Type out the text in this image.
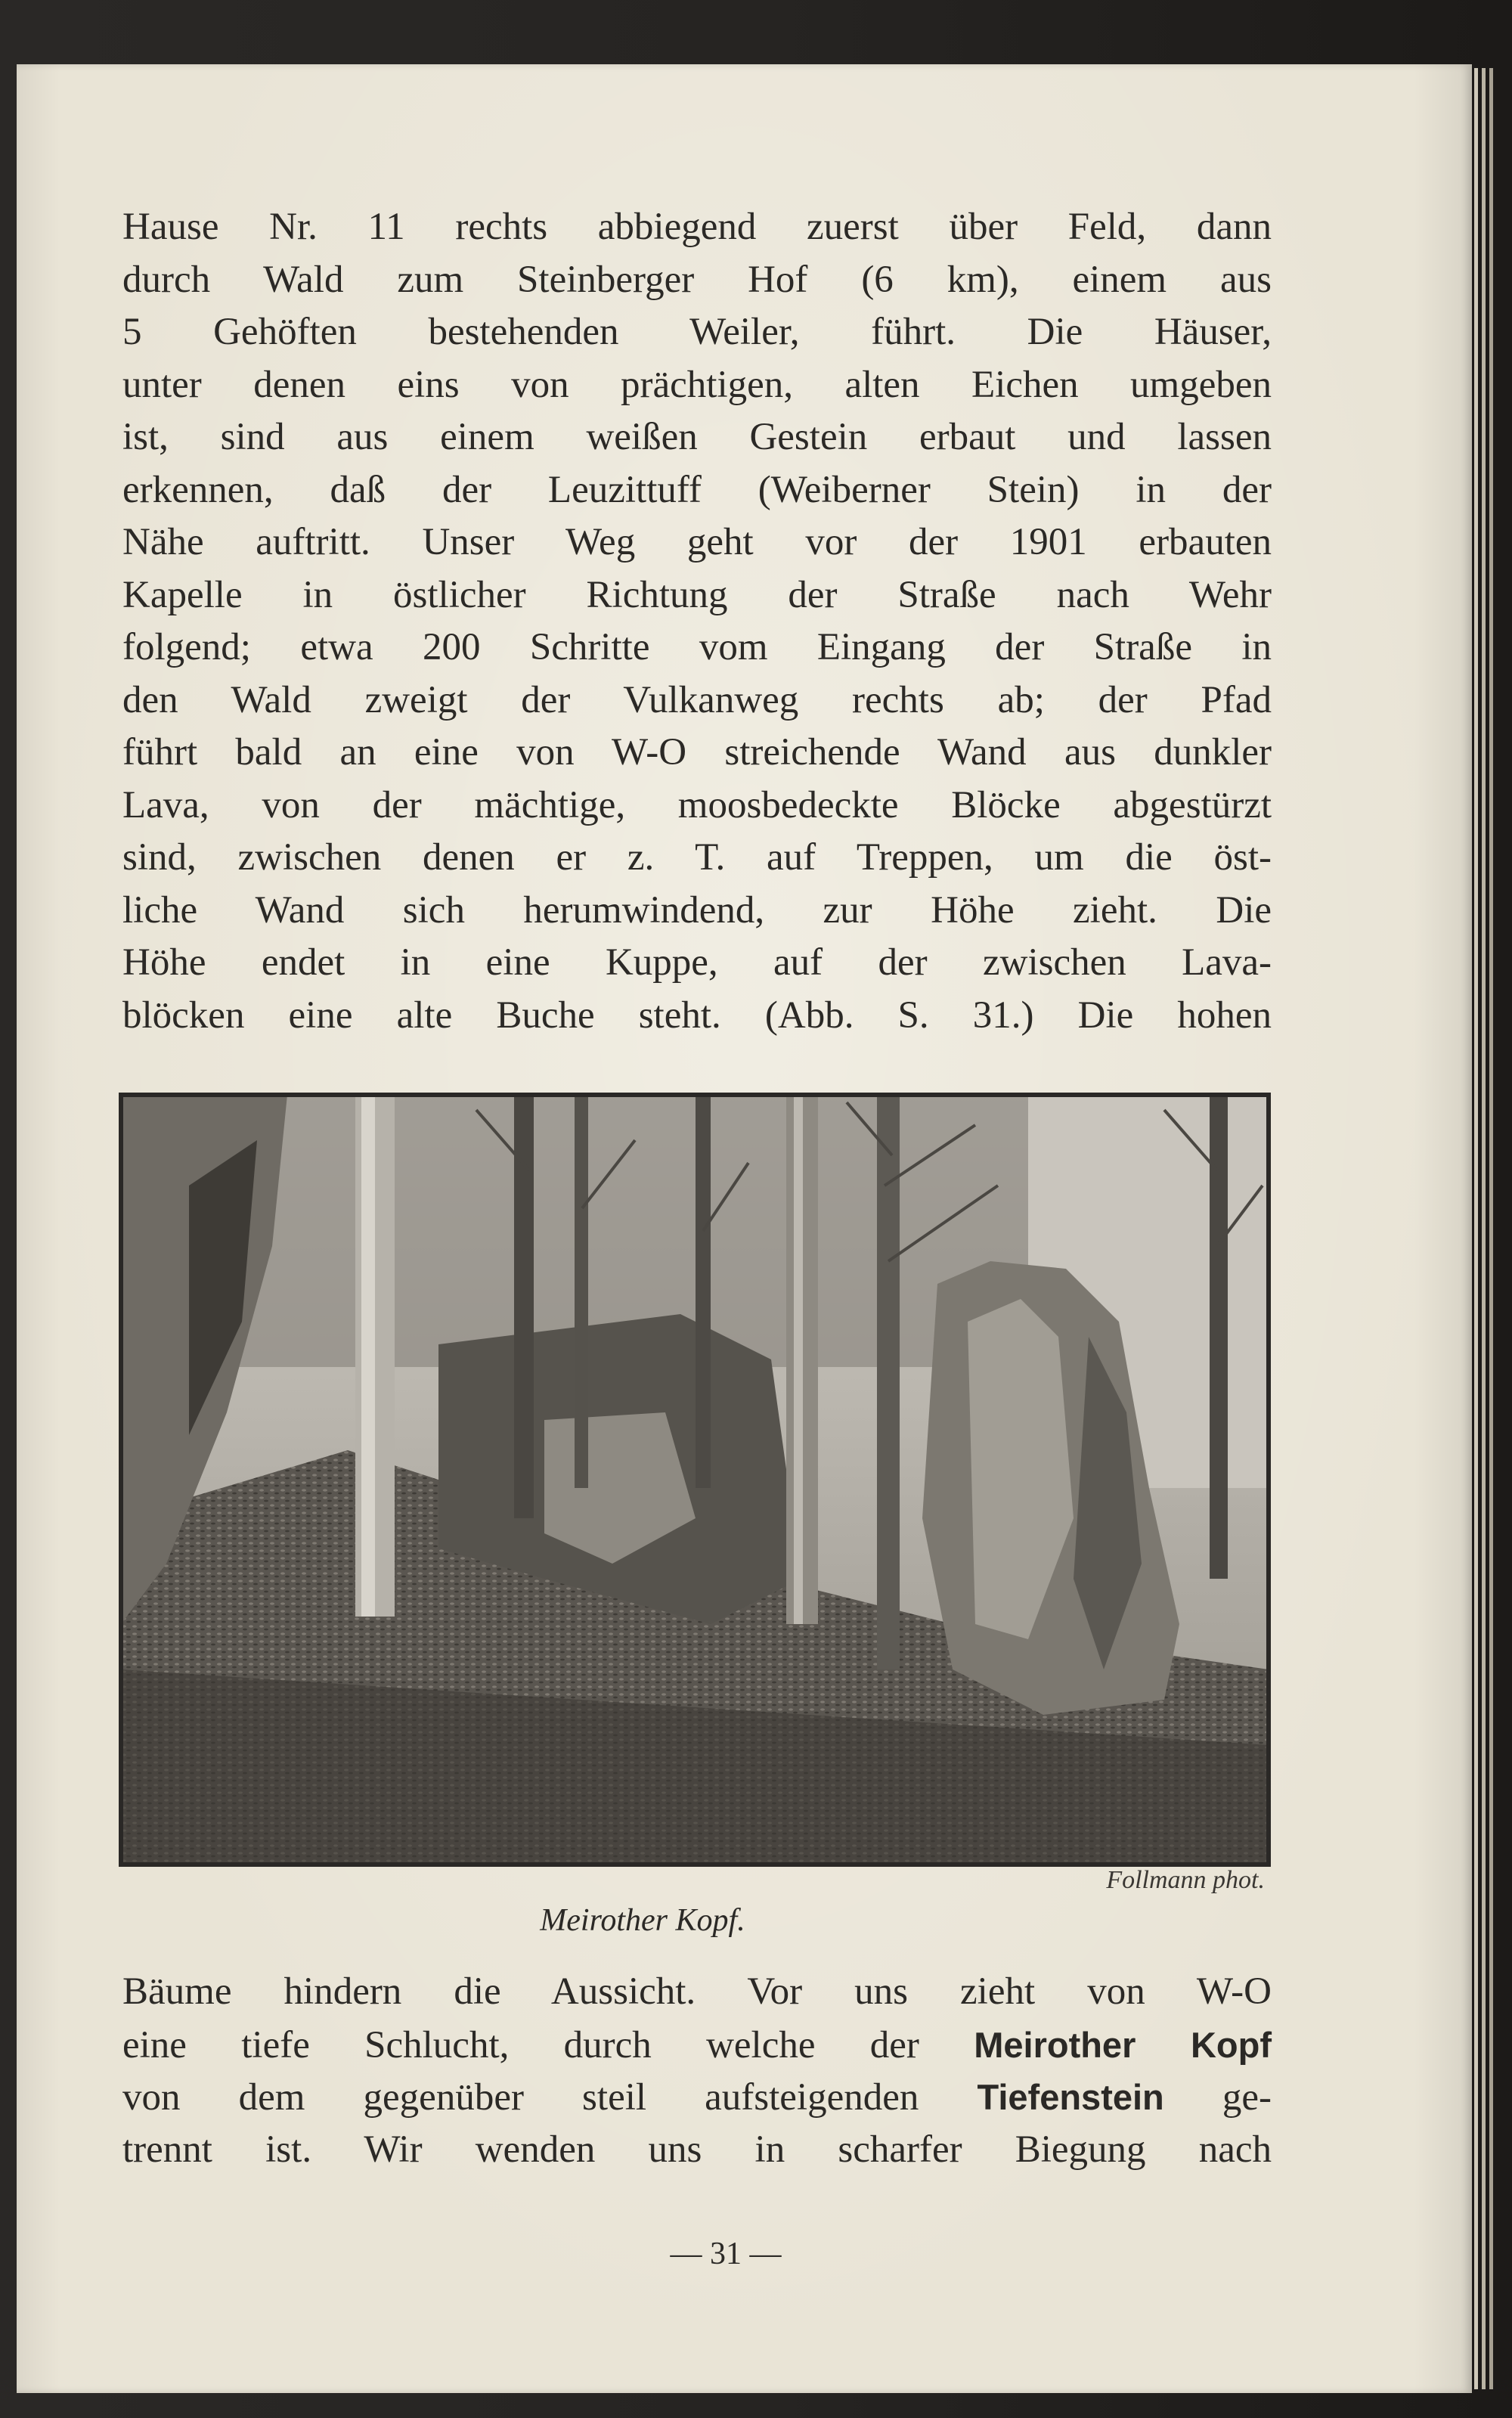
Hause Nr. 11 rechts abbiegend zuerst über Feld, dann
durch Wald zum Steinberger Hof (6 km), einem aus
5 Gehöften bestehenden Weiler, führt. Die Häuser,
unter denen eins von prächtigen, alten Eichen umgeben
ist, sind aus einem weißen Gestein erbaut und lassen
erkennen, daß der Leuzittuff (Weiberner Stein) in der
Nähe auftritt. Unser Weg geht vor der 1901 erbauten
Kapelle in östlicher Richtung der Straße nach Wehr
folgend; etwa 200 Schritte vom Eingang der Straße in
den Wald zweigt der Vulkanweg rechts ab; der Pfad
führt bald an eine von W-O streichende Wand aus dunkler
Lava, von der mächtige, moosbedeckte Blöcke abgestürzt
sind, zwischen denen er z. T. auf Treppen, um die öst-
liche Wand sich herumwindend, zur Höhe zieht. Die
Höhe endet in eine Kuppe, auf der zwischen Lava-
blöcken eine alte Buche steht. (Abb. S. 31.) Die hohen
Follmann phot.
Meirother Kopf.
Bäume hindern die Aussicht. Vor uns zieht von W-O
eine tiefe Schlucht, durch welche der Meirother Kopf
von dem gegenüber steil aufsteigenden Tiefenstein ge-
trennt ist. Wir wenden uns in scharfer Biegung nach
— 31 —
